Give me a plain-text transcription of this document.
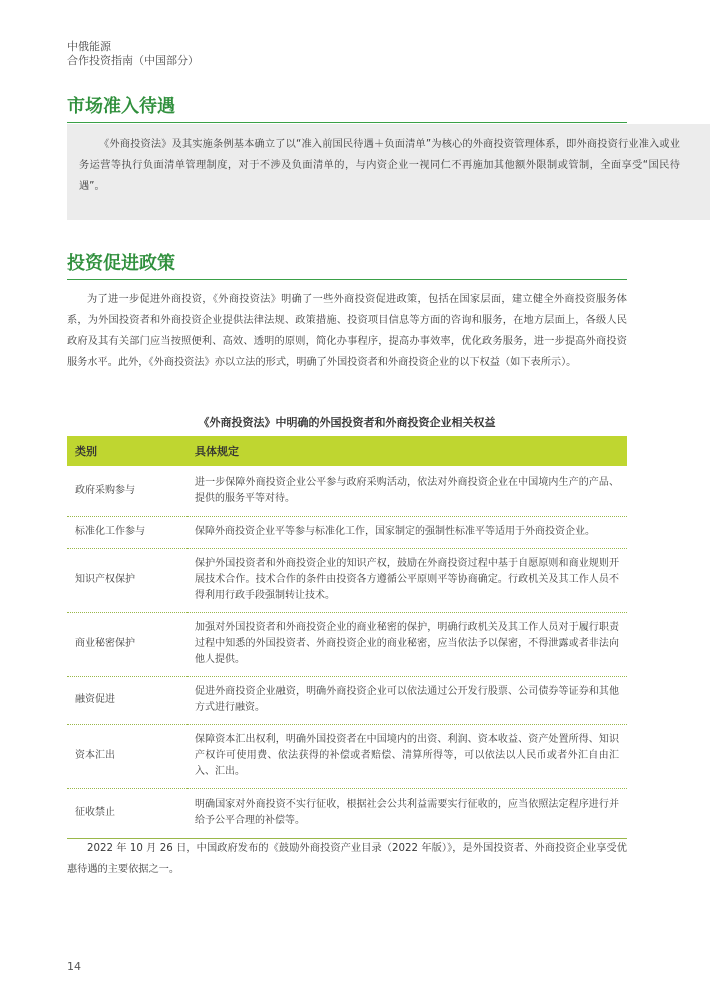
中俄能源
合作投资指南（中国部分）
市场准入待遇
《外商投资法》及其实施条例基本确立了以“准入前国民待遇＋负面清单”为核心的外商投资管理体系，即外商投资行业准入或业务运营等执行负面清单管理制度，对于不涉及负面清单的，与内资企业一视同仁不再施加其他额外限制或管制，全面享受“国民待遇”。
投资促进政策
为了进一步促进外商投资，《外商投资法》明确了一些外商投资促进政策，包括在国家层面，建立健全外商投资服务体系，为外国投资者和外商投资企业提供法律法规、政策措施、投资项目信息等方面的咨询和服务，在地方层面上，各级人民政府及其有关部门应当按照便利、高效、透明的原则，简化办事程序，提高办事效率，优化政务服务，进一步提高外商投资服务水平。此外，《外商投资法》亦以立法的形式，明确了外国投资者和外商投资企业的以下权益（如下表所示）。
《外商投资法》中明确的外国投资者和外商投资企业相关权益
类别	具体规定
政府采购参与	进一步保障外商投资企业公平参与政府采购活动，依法对外商投资企业在中国境内生产的产品、提供的服务平等对待。
标准化工作参与	保障外商投资企业平等参与标准化工作，国家制定的强制性标准平等适用于外商投资企业。
知识产权保护	保护外国投资者和外商投资企业的知识产权，鼓励在外商投资过程中基于自愿原则和商业规则开展技术合作。技术合作的条件由投资各方遵循公平原则平等协商确定。行政机关及其工作人员不得利用行政手段强制转让技术。
商业秘密保护	加强对外国投资者和外商投资企业的商业秘密的保护，明确行政机关及其工作人员对于履行职责过程中知悉的外国投资者、外商投资企业的商业秘密，应当依法予以保密，不得泄露或者非法向他人提供。
融资促进	促进外商投资企业融资，明确外商投资企业可以依法通过公开发行股票、公司债券等证券和其他方式进行融资。
资本汇出	保障资本汇出权利，明确外国投资者在中国境内的出资、利润、资本收益、资产处置所得、知识产权许可使用费、依法获得的补偿或者赔偿、清算所得等，可以依法以人民币或者外汇自由汇入、汇出。
征收禁止	明确国家对外商投资不实行征收，根据社会公共利益需要实行征收的，应当依照法定程序进行并给予公平合理的补偿等。
2022 年 10 月 26 日，中国政府发布的《鼓励外商投资产业目录（2022 年版）》，是外国投资者、外商投资企业享受优惠待遇的主要依据之一。
14
